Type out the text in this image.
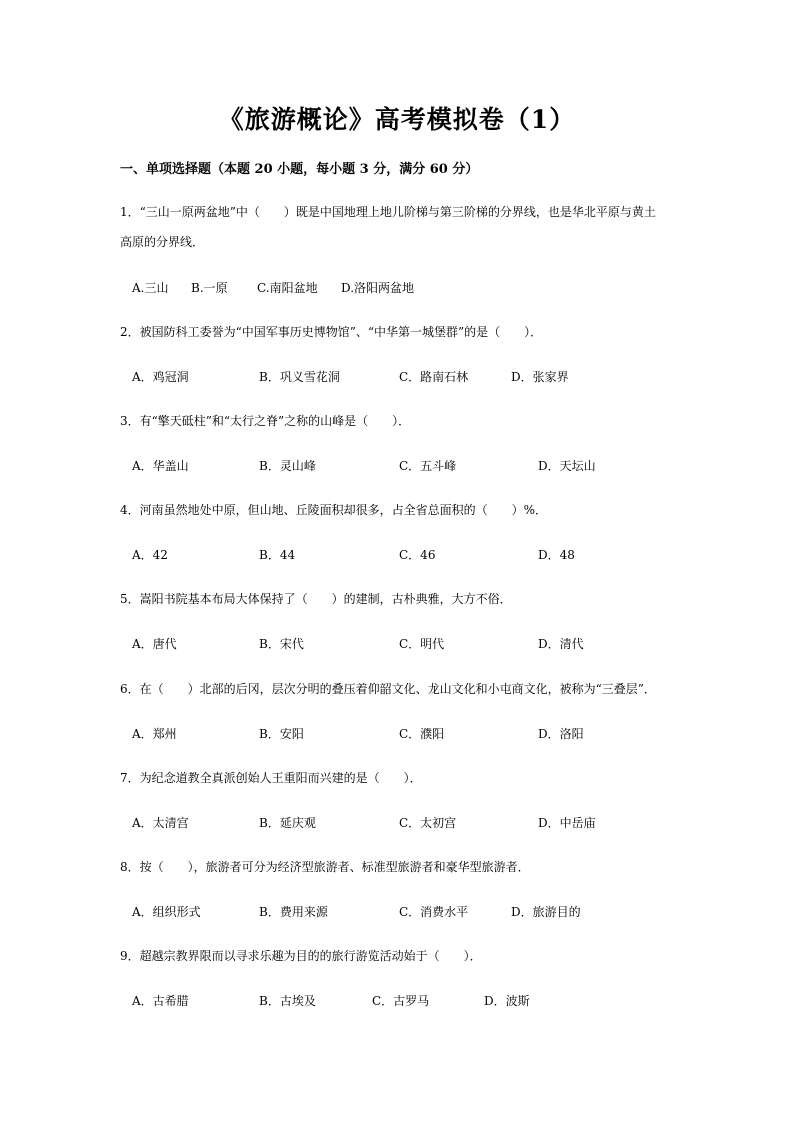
《旅游概论》高考模拟卷（1）
一、单项选择题（本题 20 小题，每小题 3 分，满分 60 分）
1．“三山一原两盆地”中（　　）既是中国地理上地儿阶梯与第三阶梯的分界线，也是华北平原与黄土
高原的分界线．
A.三山 B.一原 C.南阳盆地 D.洛阳两盆地
2．被国防科工委誉为“中国军事历史博物馆”、“中华第一城堡群”的是（　　）．
A．鸡冠洞	B．巩义雪花洞	C．路南石林	D．张家界
3．有“擎天砥柱”和“太行之脊”之称的山峰是（　　）．
A．华盖山	B．灵山峰	C．五斗峰	D．天坛山
4．河南虽然地处中原，但山地、丘陵面积却很多，占全省总面积的（　　）%．
A．42	B．44	C．46	D．48
5．嵩阳书院基本布局大体保持了（　　）的建制，古朴典雅，大方不俗．
A．唐代	B．宋代	C．明代	D．清代
6．在（　　）北部的后冈，层次分明的叠压着仰韶文化、龙山文化和小屯商文化，被称为“三叠层”．
A．郑州	B．安阳	C．濮阳	D．洛阳
7．为纪念道教全真派创始人王重阳而兴建的是（　　）．
A．太清宫	B．延庆观	C．太初宫	D．中岳庙
8．按（　　），旅游者可分为经济型旅游者、标准型旅游者和豪华型旅游者．
A．组织形式	B．费用来源	C．消费水平	D．旅游目的
9．超越宗教界限而以寻求乐趣为目的的旅行游览活动始于（　　）．
A．古希腊	B．古埃及	C．古罗马	D．波斯
